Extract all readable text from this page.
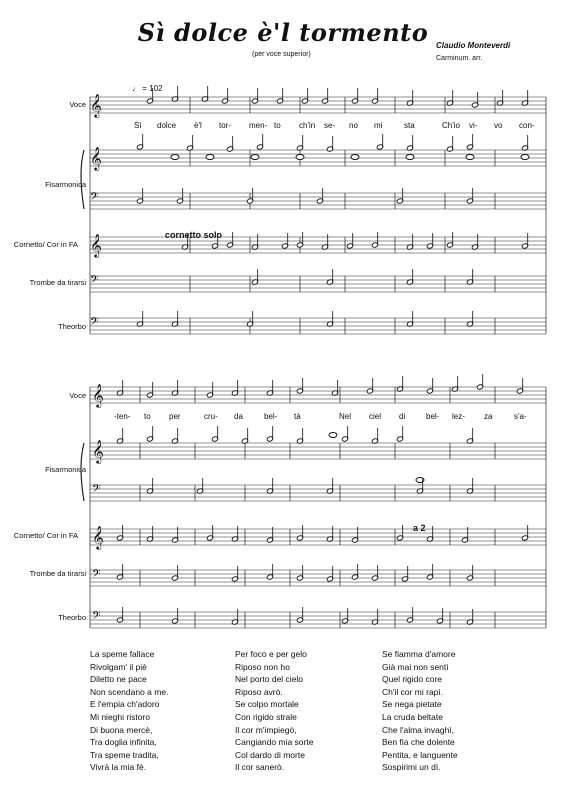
Sì dolce è'l tormento
(per voce superior)
Claudio Monteverdi
Carminum. arr.
♩ = 102
Voce
Fisarmonica
Cornetto/ Cor in FA
Trombe da tirarsi
Theorbo
cornetto solo
Voce
Fisarmonica
Cornetto/ Cor in FA
Trombe da tirarsi
Theorbo
a 2
Sì dolce è'l tor- men- to ch'in se- no mi	sta	Ch'io vi- vo con-
-ten- to per	cru- da	bel- tà	Nel ciel di	bel- lez- za	s'a-
𝄞
𝄞
𝄢
𝄞
𝄢
𝄢
𝄞
𝄞
𝄢
𝄞
𝄢
𝄢
La speme fallace
Rivolgam' il piè
Diletto ne pace
Non scendano a me.
E l'empia ch'adoro
Mi nieghi ristoro
Di buona mercè,
Tra doglia infinita,
Tra speme tradita,
Vivrà la mia fè.
Per foco e per gelo
Riposo non ho
Nel porto del cielo
Riposo avrò.
Se colpo mortale
Con rigido strale
Il cor m'impiegò,
Cangiando mia sorte
Col dardo di morte
Il cor sanerò.
Se fiamma d'amore
Già mai non sentì
Quel rigido core
Ch'il cor mi rapì.
Se nega pietate
La cruda beltate
Che l'alma invaghì,
Ben fia che dolente
Pentita, e languente
Sospirimi un dì.
